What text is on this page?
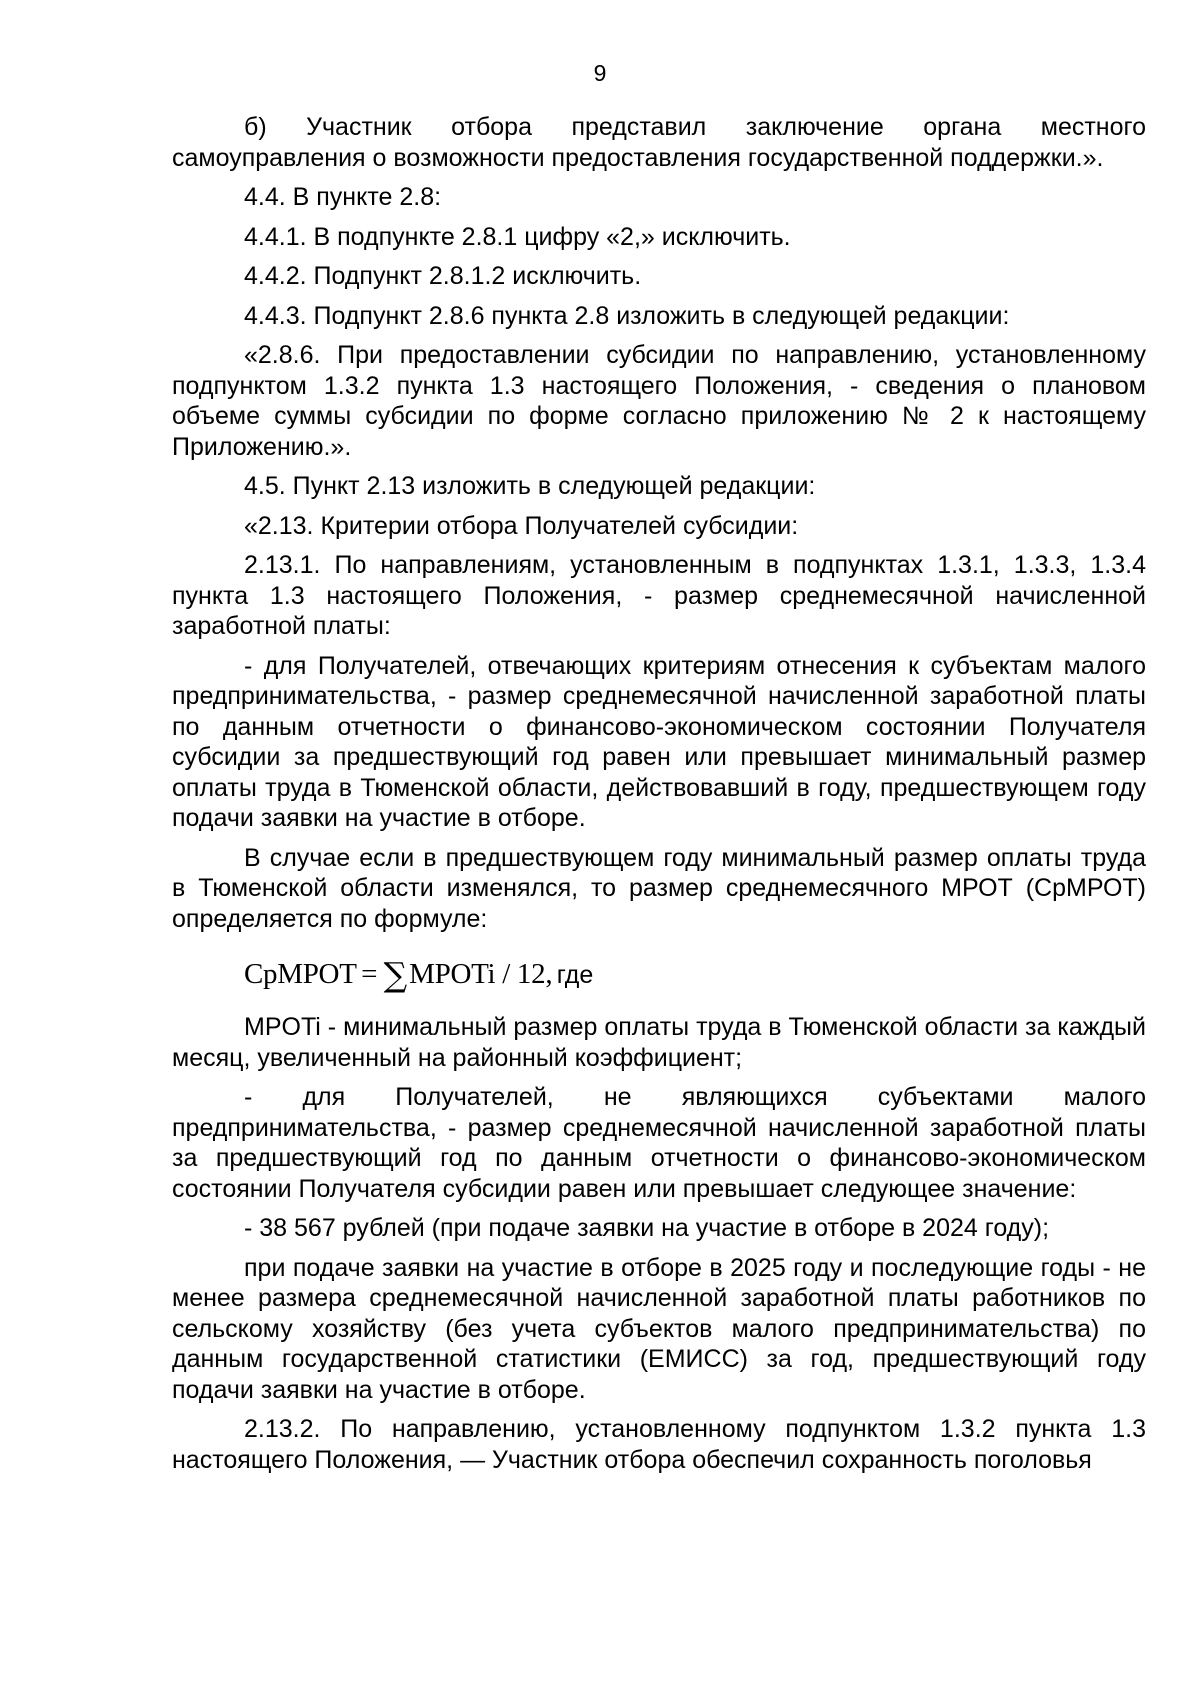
9

б) Участник отбора представил заключение органа местного самоуправления о возможности предоставления государственной поддержки.».

4.4. В пункте 2.8:

4.4.1. В подпункте 2.8.1 цифру «2,» исключить.

4.4.2. Подпункт 2.8.1.2 исключить.

4.4.3. Подпункт 2.8.6 пункта 2.8 изложить в следующей редакции:

«2.8.6. При предоставлении субсидии по направлению, установленному подпунктом 1.3.2 пункта 1.3 настоящего Положения, - сведения о плановом объеме суммы субсидии по форме согласно приложению № 2 к настоящему Приложению.».

4.5. Пункт 2.13 изложить в следующей редакции:

«2.13. Критерии отбора Получателей субсидии:

2.13.1. По направлениям, установленным в подпунктах 1.3.1, 1.3.3, 1.3.4 пункта 1.3 настоящего Положения, - размер среднемесячной начисленной заработной платы:

- для Получателей, отвечающих критериям отнесения к субъектам малого предпринимательства, - размер среднемесячной начисленной заработной платы по данным отчетности о финансово-экономическом состоянии Получателя субсидии за предшествующий год равен или превышает минимальный размер оплаты труда в Тюменской области, действовавший в году, предшествующем году подачи заявки на участие в отборе.

В случае если в предшествующем году минимальный размер оплаты труда в Тюменской области изменялся, то размер среднемесячного МРОТ (СрМРОТ) определяется по формуле:

CpMPOT = ∑MPOTi / 12, где

MPOTi - минимальный размер оплаты труда в Тюменской области за каждый месяц, увеличенный на районный коэффициент;

- для Получателей, не являющихся субъектами малого предпринимательства, - размер среднемесячной начисленной заработной платы за предшествующий год по данным отчетности о финансово-экономическом состоянии Получателя субсидии равен или превышает следующее значение:

- 38 567 рублей (при подаче заявки на участие в отборе в 2024 году);

при подаче заявки на участие в отборе в 2025 году и последующие годы - не менее размера среднемесячной начисленной заработной платы работников по сельскому хозяйству (без учета субъектов малого предпринимательства) по данным государственной статистики (ЕМИСС) за год, предшествующий году подачи заявки на участие в отборе.

2.13.2. По направлению, установленному подпунктом 1.3.2 пункта 1.3 настоящего Положения, — Участник отбора обеспечил сохранность поголовья
